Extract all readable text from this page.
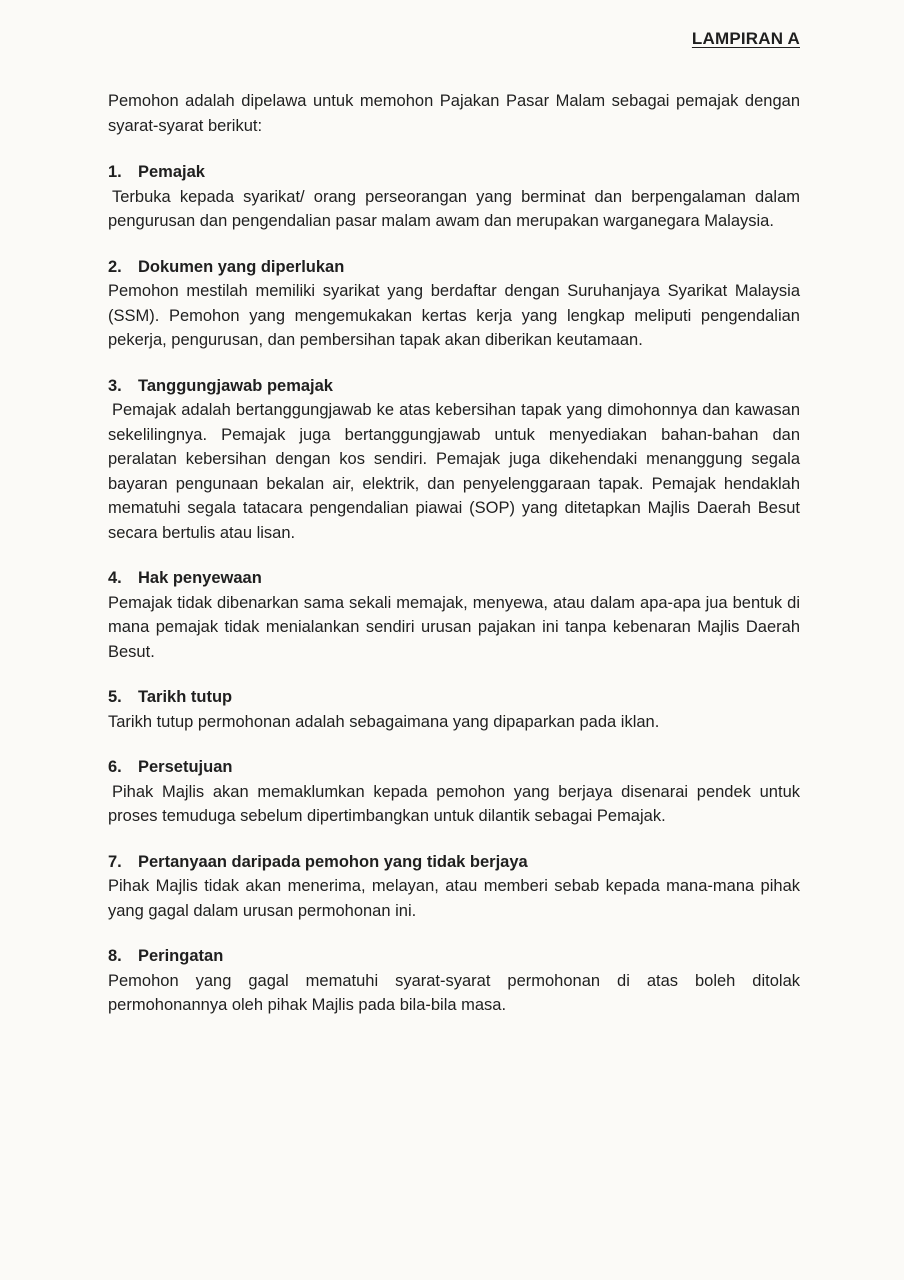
LAMPIRAN A

Pemohon adalah dipelawa untuk memohon Pajakan Pasar Malam sebagai pemajak dengan syarat-syarat berikut:

1. Pemajak

Terbuka kepada syarikat/ orang perseorangan yang berminat dan berpengalaman dalam pengurusan dan pengendalian pasar malam awam dan merupakan warganegara Malaysia.

2. Dokumen yang diperlukan

Pemohon mestilah memiliki syarikat yang berdaftar dengan Suruhanjaya Syarikat Malaysia (SSM). Pemohon yang mengemukakan kertas kerja yang lengkap meliputi pengendalian pekerja, pengurusan, dan pembersihan tapak akan diberikan keutamaan.

3. Tanggungjawab pemajak

Pemajak adalah bertanggungjawab ke atas kebersihan tapak yang dimohonnya dan kawasan sekelilingnya. Pemajak juga bertanggungjawab untuk menyediakan bahan-bahan dan peralatan kebersihan dengan kos sendiri. Pemajak juga dikehendaki menanggung segala bayaran pengunaan bekalan air, elektrik, dan penyelenggaraan tapak. Pemajak hendaklah mematuhi segala tatacara pengendalian piawai (SOP) yang ditetapkan Majlis Daerah Besut secara bertulis atau lisan.

4. Hak penyewaan

Pemajak tidak dibenarkan sama sekali memajak, menyewa, atau dalam apa-apa jua bentuk di mana pemajak tidak menialankan sendiri urusan pajakan ini tanpa kebenaran Majlis Daerah Besut.

5. Tarikh tutup

Tarikh tutup permohonan adalah sebagaimana yang dipaparkan pada iklan.

6. Persetujuan

Pihak Majlis akan memaklumkan kepada pemohon yang berjaya disenarai pendek untuk proses temuduga sebelum dipertimbangkan untuk dilantik sebagai Pemajak.

7. Pertanyaan daripada pemohon yang tidak berjaya

Pihak Majlis tidak akan menerima, melayan, atau memberi sebab kepada mana-mana pihak yang gagal dalam urusan permohonan ini.

8. Peringatan

Pemohon yang gagal mematuhi syarat-syarat permohonan di atas boleh ditolak permohonannya oleh pihak Majlis pada bila-bila masa.
